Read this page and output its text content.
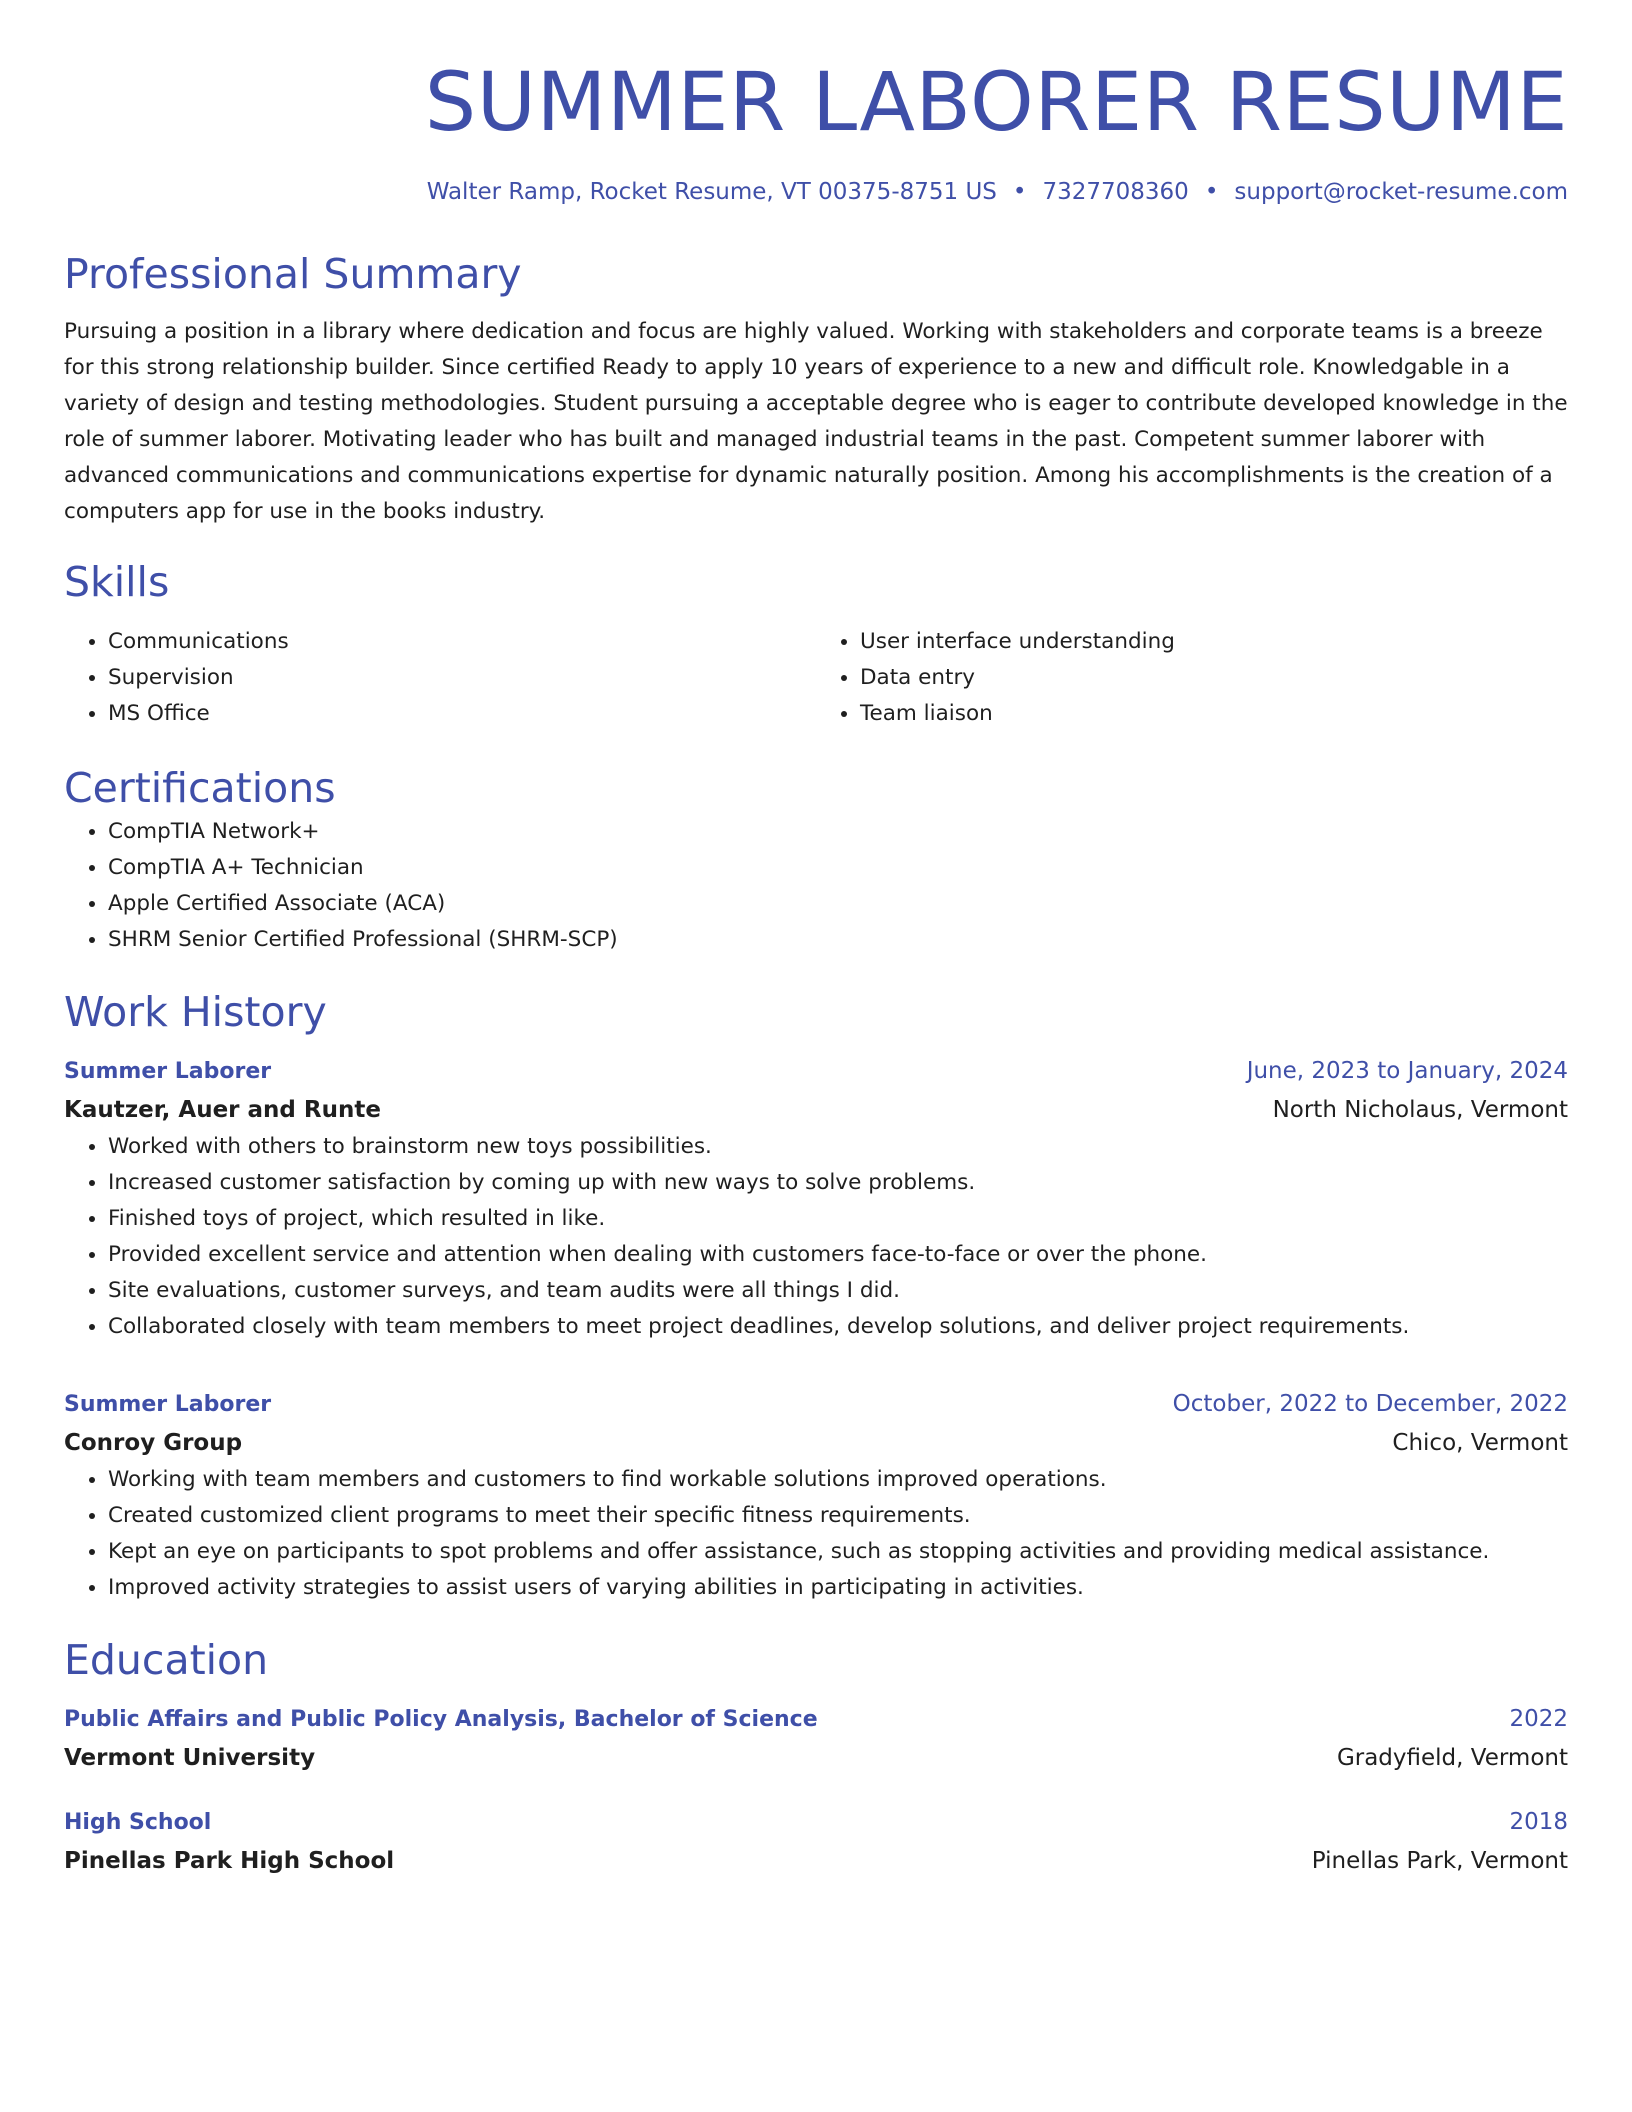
SUMMER LABORER RESUME
Walter Ramp, Rocket Resume, VT 00375-8751 US • 7327708360 • support@rocket-resume.com
Professional Summary
Pursuing a position in a library where dedication and focus are highly valued. Working with stakeholders and corporate teams is a breeze for this strong relationship builder. Since certified Ready to apply 10 years of experience to a new and difficult role. Knowledgable in a variety of design and testing methodologies. Student pursuing a acceptable degree who is eager to contribute developed knowledge in the role of summer laborer. Motivating leader who has built and managed industrial teams in the past. Competent summer laborer with advanced communications and communications expertise for dynamic naturally position. Among his accomplishments is the creation of a computers app for use in the books industry.
Skills
• Communications
• Supervision
• MS Office
• User interface understanding
• Data entry
• Team liaison
Certifications
• CompTIA Network+
• CompTIA A+ Technician
• Apple Certified Associate (ACA)
• SHRM Senior Certified Professional (SHRM-SCP)
Work History
Summer Laborer	June, 2023 to January, 2024
Kautzer, Auer and Runte	North Nicholaus, Vermont
• Worked with others to brainstorm new toys possibilities.
• Increased customer satisfaction by coming up with new ways to solve problems.
• Finished toys of project, which resulted in like.
• Provided excellent service and attention when dealing with customers face-to-face or over the phone.
• Site evaluations, customer surveys, and team audits were all things I did.
• Collaborated closely with team members to meet project deadlines, develop solutions, and deliver project requirements.
Summer Laborer	October, 2022 to December, 2022
Conroy Group	Chico, Vermont
• Working with team members and customers to find workable solutions improved operations.
• Created customized client programs to meet their specific fitness requirements.
• Kept an eye on participants to spot problems and offer assistance, such as stopping activities and providing medical assistance.
• Improved activity strategies to assist users of varying abilities in participating in activities.
Education
Public Affairs and Public Policy Analysis, Bachelor of Science	2022
Vermont University	Gradyfield, Vermont
High School	2018
Pinellas Park High School	Pinellas Park, Vermont
